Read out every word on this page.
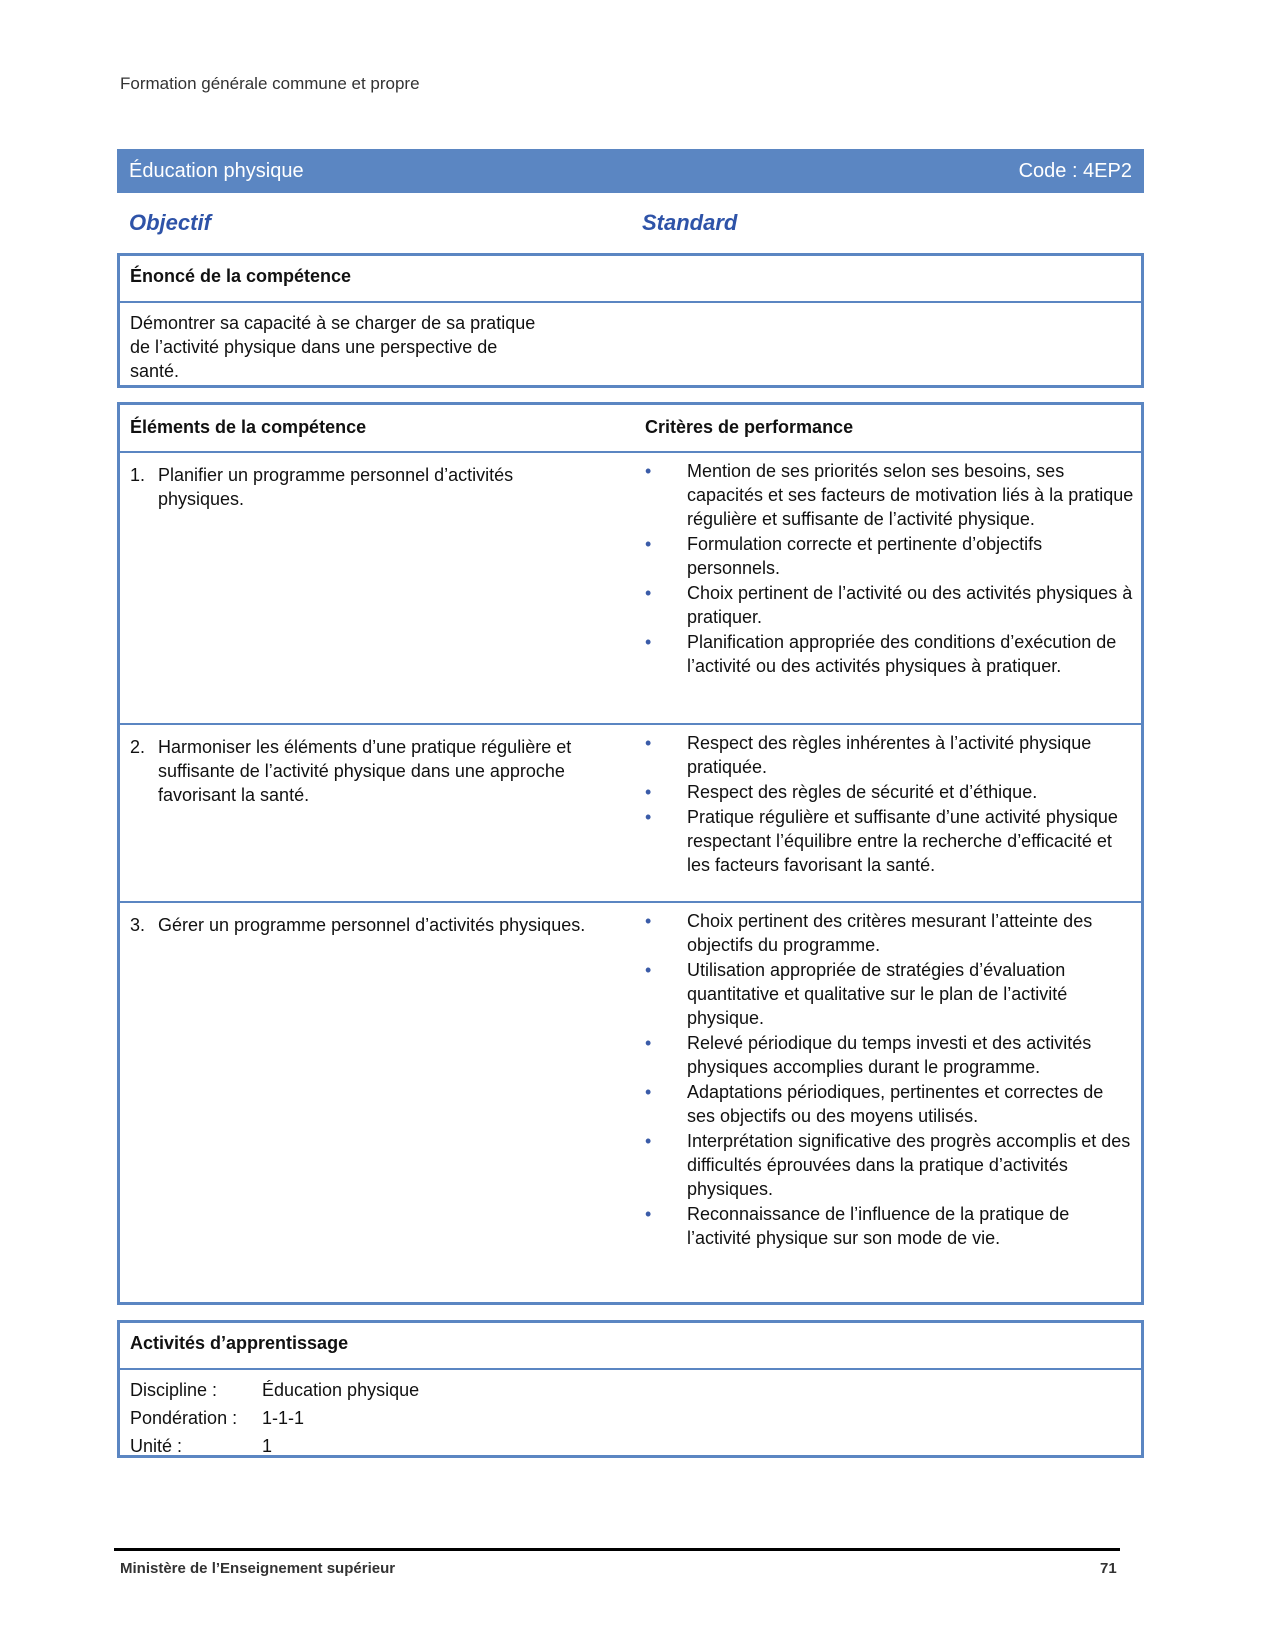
Formation générale commune et propre
Éducation physique	Code : 4EP2
Objectif	Standard
Énoncé de la compétence
Démontrer sa capacité à se charger de sa pratique de l’activité physique dans une perspective de santé.
Éléments de la compétence	Critères de performance
1. Planifier un programme personnel d’activités physiques.
• Mention de ses priorités selon ses besoins, ses capacités et ses facteurs de motivation liés à la pratique régulière et suffisante de l’activité physique.
• Formulation correcte et pertinente d’objectifs personnels.
• Choix pertinent de l’activité ou des activités physiques à pratiquer.
• Planification appropriée des conditions d’exécution de l’activité ou des activités physiques à pratiquer.
2. Harmoniser les éléments d’une pratique régulière et suffisante de l’activité physique dans une approche favorisant la santé.
• Respect des règles inhérentes à l’activité physique pratiquée.
• Respect des règles de sécurité et d’éthique.
• Pratique régulière et suffisante d’une activité physique respectant l’équilibre entre la recherche d’efficacité et les facteurs favorisant la santé.
3. Gérer un programme personnel d’activités physiques.
•	Choix pertinent des critères mesurant l’atteinte des objectifs du programme.
• Utilisation appropriée de stratégies d’évaluation quantitative et qualitative sur le plan de l’activité physique.
• Relevé périodique du temps investi et des activités physiques accomplies durant le programme.
• Adaptations périodiques, pertinentes et correctes de ses objectifs ou des moyens utilisés.
• Interprétation significative des progrès accomplis et des difficultés éprouvées dans la pratique d’activités physiques.
• Reconnaissance de l’influence de la pratique de l’activité physique sur son mode de vie.
Activités d’apprentissage
Discipline : Éducation physique
Pondération : 1-1-1
Unité :	1
Ministère de l’Enseignement supérieur	71
